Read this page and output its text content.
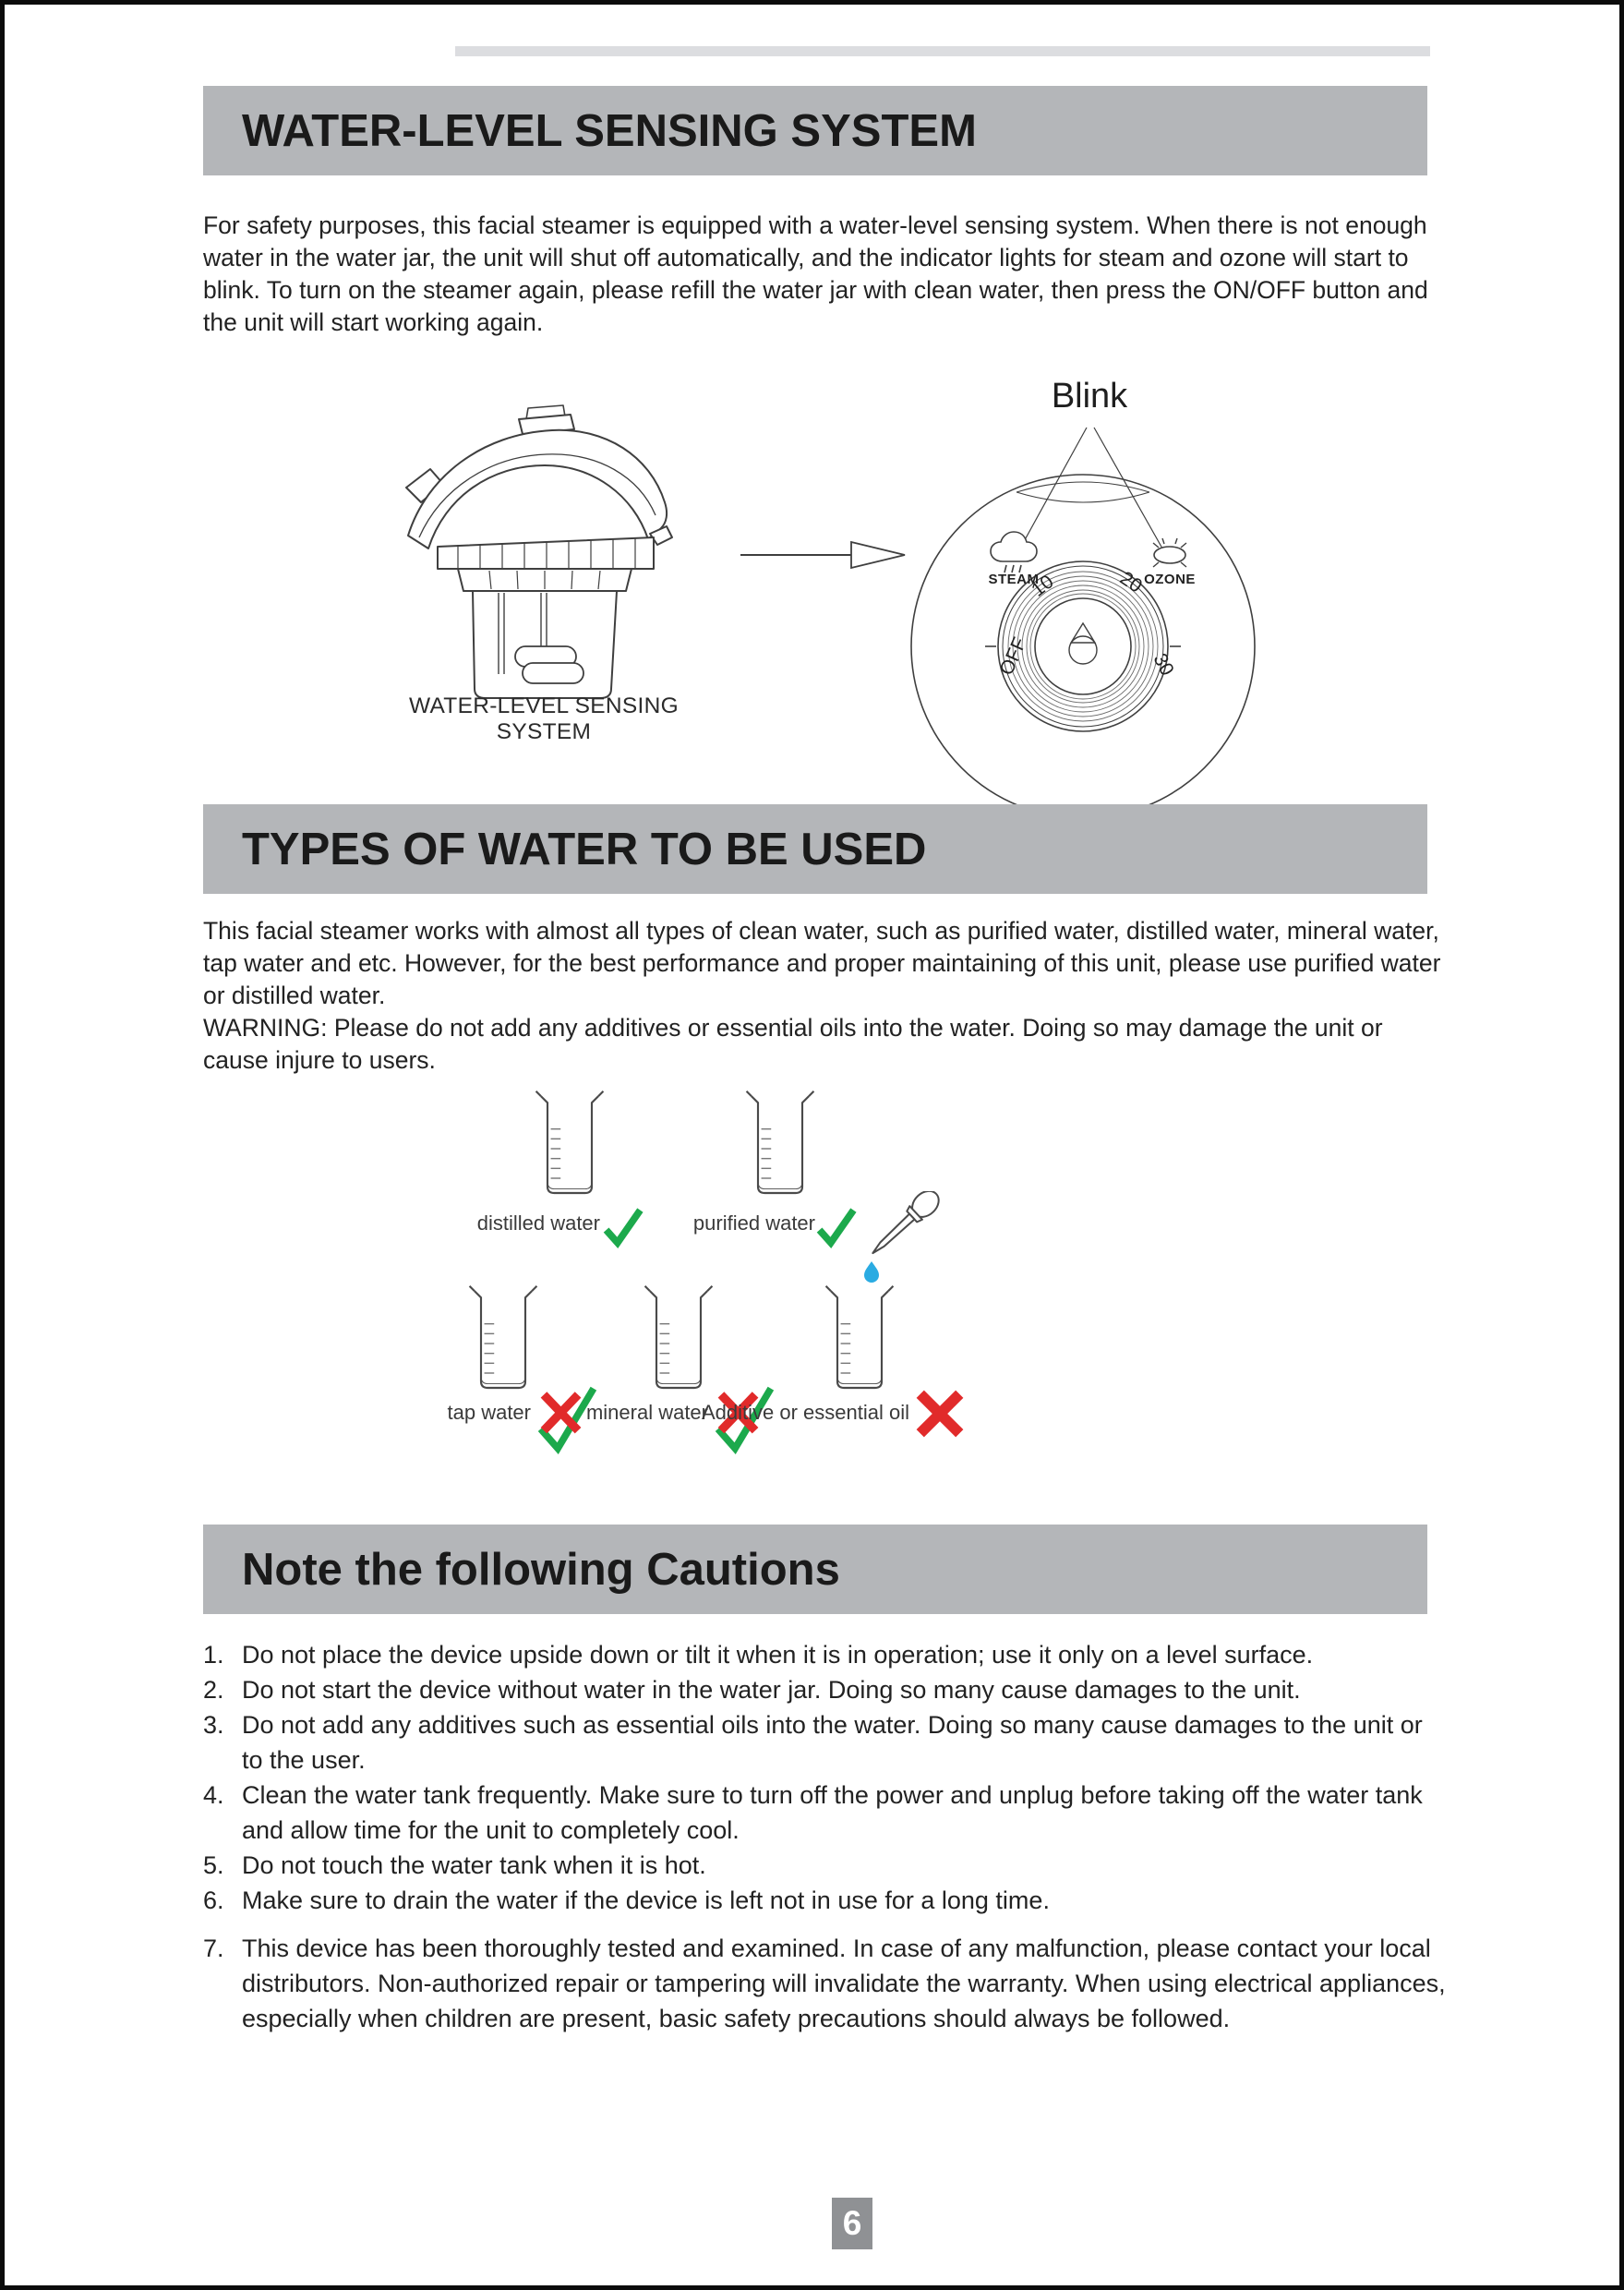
WATER-LEVEL SENSING SYSTEM
For safety purposes, this facial steamer is equipped with a water-level sensing system. When there is not enough water in the water jar, the unit will shut off automatically, and the indicator lights for steam and ozone will start to blink. To turn on the steamer again, please refill the water jar with clean water, then press the ON/OFF button and the unit will start working again.
WATER-LEVEL SENSING SYSTEM
Blink
STEAM	OZONE
10	20
30
OFF
TYPES OF WATER TO BE USED

This facial steamer works with almost all types of clean water, such as purified water, distilled water, mineral water, tap water and etc. However, for the best performance and proper maintaining of this unit, please use purified water or distilled water.

WARNING: Please do not add any additives or essential oils into the water. Doing so may damage the unit or cause injure to users.

distilled water	purified water
tap water	mineral water
Additive or essential oil
Note the following Cautions
Do not place the device upside down or tilt it when it is in operation; use it only on a level surface.
Do not start the device without water in the water jar. Doing so many cause damages to the unit.
Do not add any additives such as essential oils into the water. Doing so many cause damages to the unit or to the user.
Clean the water tank frequently. Make sure to turn off the power and unplug before taking off the water tank and allow time for the unit to completely cool.
Do not touch the water tank when it is hot.
Make sure to drain the water if the device is left not in use for a long time.
This device has been thoroughly tested and examined. In case of any malfunction, please contact your local distributors. Non-authorized repair or tampering will invalidate the warranty. When using electrical appliances, especially when children are present, basic safety precautions should always be followed.
6
